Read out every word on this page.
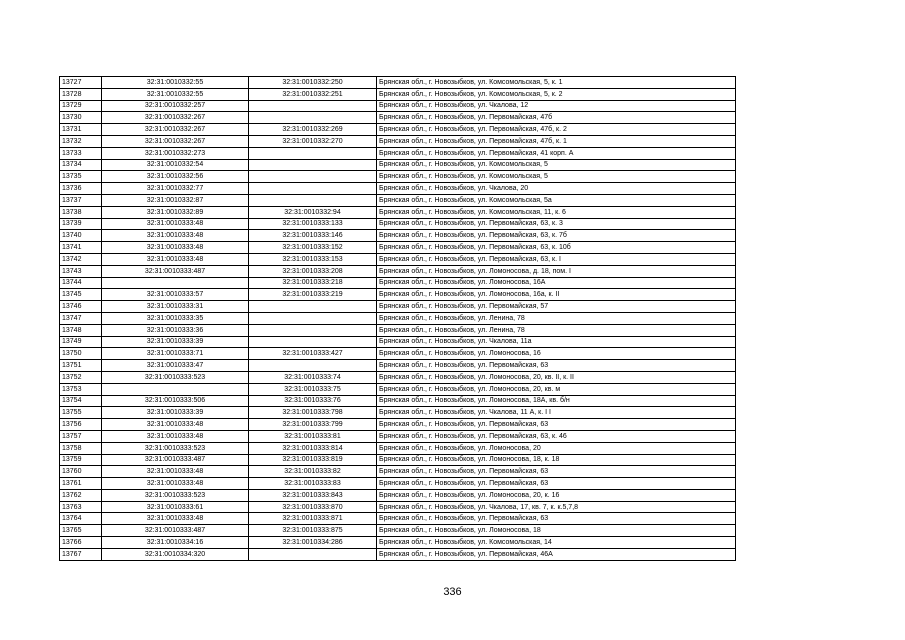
13727	32:31:0010332:55	32:31:0010332:250	Брянская обл., г. Новозыбков, ул. Комсомольская, 5, к. 1
13728	32:31:0010332:55	32:31:0010332:251	Брянская обл., г. Новозыбков, ул. Комсомольская, 5, к. 2
13729	32:31:0010332:257		Брянская обл., г. Новозыбков, ул. Чкалова, 12
13730	32:31:0010332:267		Брянская обл., г. Новозыбков, ул. Первомайская, 47б
13731	32:31:0010332:267	32:31:0010332:269	Брянская обл., г. Новозыбков, ул. Первомайская, 47б, к. 2
13732	32:31:0010332:267	32:31:0010332:270	Брянская обл., г. Новозыбков, ул. Первомайская, 47б, к. 1
13733	32:31:0010332:273		Брянская обл., г. Новозыбков, ул. Первомайская, 41 корп. А
13734	32:31:0010332:54		Брянская обл., г. Новозыбков, ул. Комсомольская, 5
13735	32:31:0010332:56		Брянская обл., г. Новозыбков, ул. Комсомольская, 5
13736	32:31:0010332:77		Брянская обл., г. Новозыбков, ул. Чкалова, 20
13737	32:31:0010332:87		Брянская обл., г. Новозыбков, ул. Комсомольская, 5а
13738	32:31:0010332:89	32:31:0010332:94	Брянская обл., г. Новозыбков, ул. Комсомольская, 11, к. 6
13739	32:31:0010333:48	32:31:0010333:133	Брянская обл., г. Новозыбков, ул. Первомайская, 63, к. 3
13740	32:31:0010333:48	32:31:0010333:146	Брянская обл., г. Новозыбков, ул. Первомайская, 63, к. 7б
13741	32:31:0010333:48	32:31:0010333:152	Брянская обл., г. Новозыбков, ул. Первомайская, 63, к. 10б
13742	32:31:0010333:48	32:31:0010333:153	Брянская обл., г. Новозыбков, ул. Первомайская, 63, к. I
13743	32:31:0010333:487	32:31:0010333:208	Брянская обл., г. Новозыбков, ул. Ломоносова, д. 18, пом. I
13744		32:31:0010333:218	Брянская обл., г. Новозыбков, ул. Ломоносова, 16А
13745	32:31:0010333:57	32:31:0010333:219	Брянская обл., г. Новозыбков, ул. Ломоносова, 16а, к. II
13746	32:31:0010333:31		Брянская обл., г. Новозыбков, ул. Первомайская, 57
13747	32:31:0010333:35		Брянская обл., г. Новозыбков, ул. Ленина, 78
13748	32:31:0010333:36		Брянская обл., г. Новозыбков, ул. Ленина, 78
13749	32:31:0010333:39		Брянская обл., г. Новозыбков, ул. Чкалова, 11а
13750	32:31:0010333:71	32:31:0010333:427	Брянская обл., г. Новозыбков, ул. Ломоносова, 16
13751	32:31:0010333:47		Брянская обл., г. Новозыбков, ул. Первомайская, 63
13752	32:31:0010333:523	32:31:0010333:74	Брянская обл., г. Новозыбков, ул. Ломоносова, 20, кв. II, к. II
13753		32:31:0010333:75	Брянская обл., г. Новозыбков, ул. Ломоносова, 20, кв. м
13754	32:31:0010333:506	32:31:0010333:76	Брянская обл., г. Новозыбков, ул. Ломоносова, 18А, кв. б/н
13755	32:31:0010333:39	32:31:0010333:798	Брянская обл., г. Новозыбков, ул. Чкалова, 11 А, к. I I
13756	32:31:0010333:48	32:31:0010333:799	Брянская обл., г. Новозыбков, ул. Первомайская, 63
13757	32:31:0010333:48	32:31:0010333:81	Брянская обл., г. Новозыбков, ул. Первомайская, 63, к. 46
13758	32:31:0010333:523	32:31:0010333:814	Брянская обл., г. Новозыбков, ул. Ломоносова, 20
13759	32:31:0010333:487	32:31:0010333:819	Брянская обл., г. Новозыбков, ул. Ломоносова, 18, к. 18
13760	32:31:0010333:48	32:31:0010333:82	Брянская обл., г. Новозыбков, ул. Первомайская, 63
13761	32:31:0010333:48	32:31:0010333:83	Брянская обл., г. Новозыбков, ул. Первомайская, 63
13762	32:31:0010333:523	32:31:0010333:843	Брянская обл., г. Новозыбков, ул. Ломоносова, 20, к. 16
13763	32:31:0010333:61	32:31:0010333:870	Брянская обл., г. Новозыбков, ул. Чкалова, 17, кв. 7, к. к.5,7,8
13764	32:31:0010333:48	32:31:0010333:871	Брянская обл., г. Новозыбков, ул. Первомайская, 63
13765	32:31:0010333:487	32:31:0010333:875	Брянская обл., г. Новозыбков, ул. Ломоносова, 18
13766	32:31:0010334:16	32:31:0010334:286	Брянская обл., г. Новозыбков, ул. Комсомольская, 14
13767	32:31:0010334:320		Брянская обл., г. Новозыбков, ул. Первомайская, 46А
336
